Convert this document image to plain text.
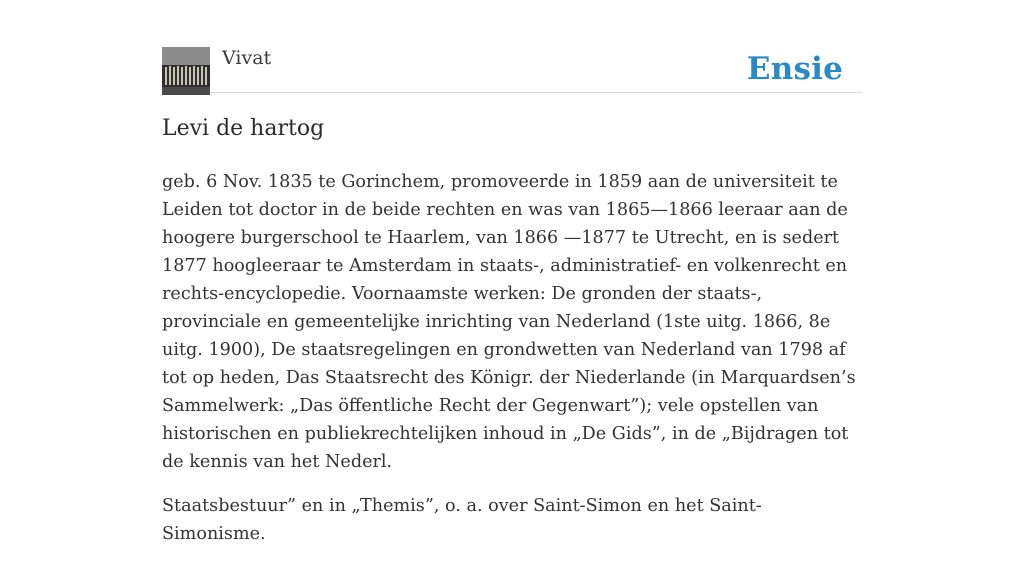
Vivat	Ensie
Levi de hartog

geb. 6 Nov. 1835 te Gorinchem, promoveerde in 1859 aan de universiteit te Leiden tot doctor in de beide rechten en was van 1865—1866 leeraar aan de hoogere burgerschool te Haarlem, van 1866 —1877 te Utrecht, en is sedert 1877 hoogleeraar te Amsterdam in staats-, administratief- en volkenrecht en rechts-encyclopedie. Voornaamste werken: De gronden der staats-, provinciale en gemeentelijke inrichting van Nederland (1ste uitg. 1866, 8e uitg. 1900), De staatsregelingen en grondwetten van Nederland van 1798 af tot op heden, Das Staatsrecht des Königr. der Niederlande (in Marquardsen’s Sammelwerk: „Das öffentliche Recht der Gegenwart”); vele opstellen van historischen en publiekrechtelijken inhoud in „De Gids”, in de „Bijdragen tot de kennis van het Nederl.

Staatsbestuur” en in „Themis”, o. a. over Saint-Simon en het Saint-Simonisme.
